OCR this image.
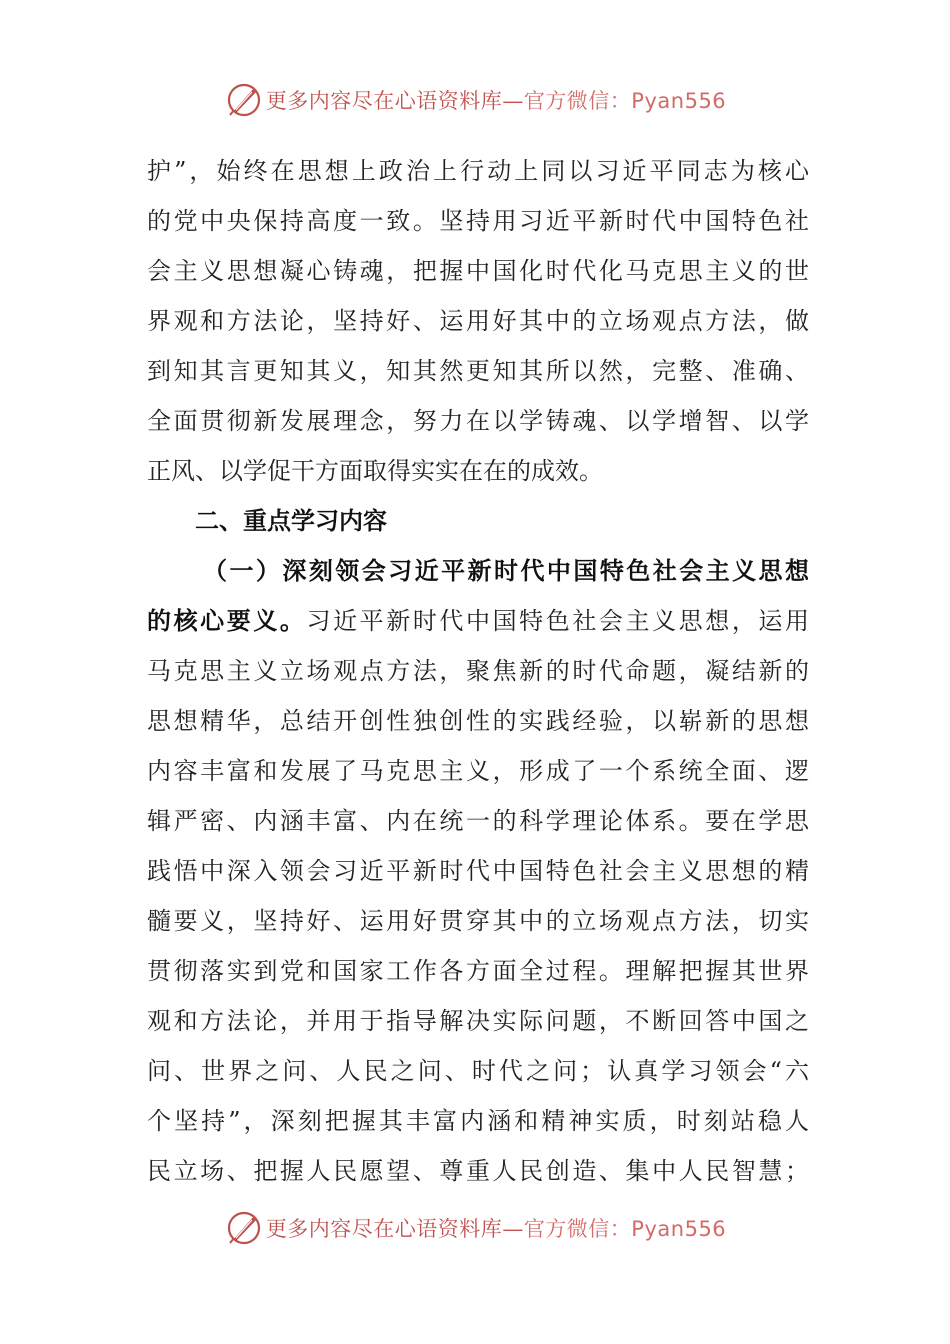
更多内容尽在心语资料库—官方微信：Pyan556
护”，始终在思想上政治上行动上同以习近平同志为核心
的党中央保持高度一致。坚持用习近平新时代中国特色社
会主义思想凝心铸魂，把握中国化时代化马克思主义的世
界观和方法论，坚持好、运用好其中的立场观点方法，做
到知其言更知其义，知其然更知其所以然，完整、准确、
全面贯彻新发展理念，努力在以学铸魂、以学增智、以学
正风、以学促干方面取得实实在在的成效。
二、重点学习内容
（一）深刻领会习近平新时代中国特色社会主义思想
的核心要义。习近平新时代中国特色社会主义思想，运用
马克思主义立场观点方法，聚焦新的时代命题，凝结新的
思想精华，总结开创性独创性的实践经验，以崭新的思想
内容丰富和发展了马克思主义，形成了一个系统全面、逻
辑严密、内涵丰富、内在统一的科学理论体系。要在学思
践悟中深入领会习近平新时代中国特色社会主义思想的精
髓要义，坚持好、运用好贯穿其中的立场观点方法，切实
贯彻落实到党和国家工作各方面全过程。理解把握其世界
观和方法论，并用于指导解决实际问题，不断回答中国之
问、世界之问、人民之问、时代之问；认真学习领会“六
个坚持”，深刻把握其丰富内涵和精神实质，时刻站稳人
民立场、把握人民愿望、尊重人民创造、集中人民智慧；
更多内容尽在心语资料库—官方微信：Pyan556
